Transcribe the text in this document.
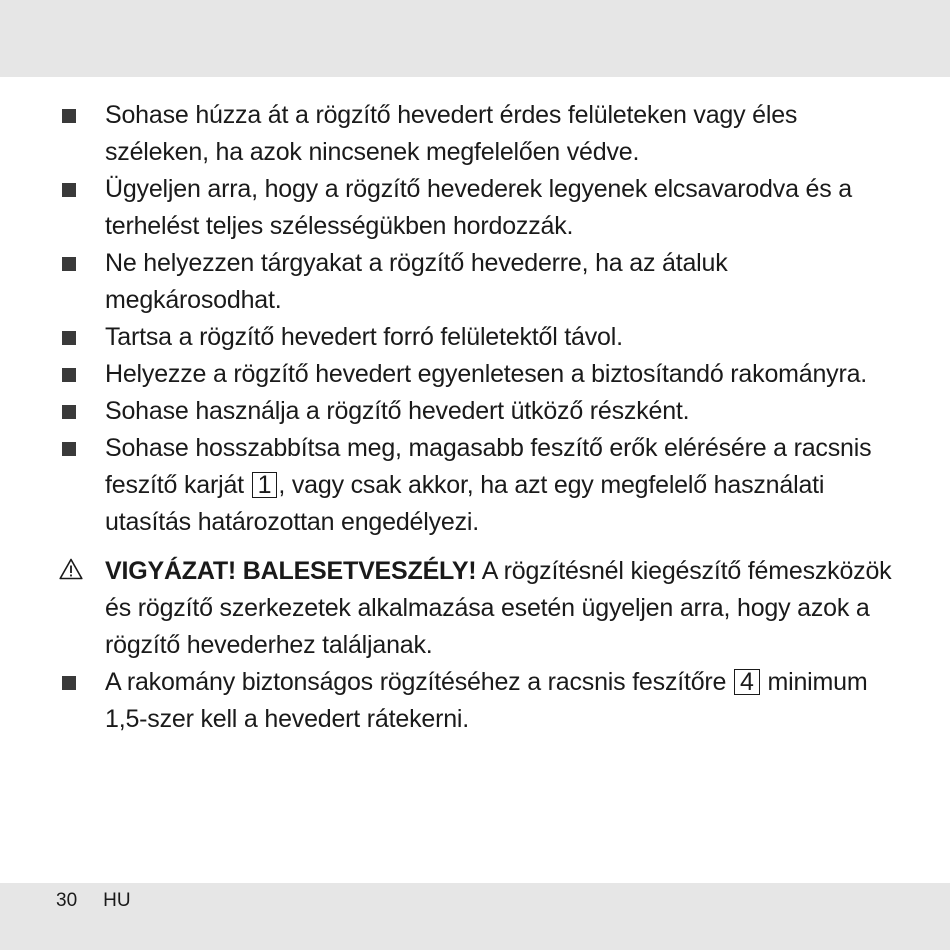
Sohase húzza át a rögzítő hevedert érdes felületeken vagy éles széleken, ha azok nincsenek megfelelően védve.
Ügyeljen arra, hogy a rögzítő hevederek legyenek elcsavarodva és a terhelést teljes szélességükben hordozzák.
Ne helyezzen tárgyakat a rögzítő hevederre, ha az átaluk megkárosodhat.
Tartsa a rögzítő hevedert forró felületektől távol.
Helyezze a rögzítő hevedert egyenletesen a biztosítandó rakományra.
Sohase használja a rögzítő hevedert ütköző részként.
Sohase hosszabbítsa meg, magasabb feszítő erők elérésére a racsnis feszítő karját 1 , vagy csak akkor, ha azt egy megfelelő használati utasítás határozottan engedélyezi.
VIGYÁZAT! BALESETVESZÉLY! A rögzítésnél kiegészítő fémeszközök és rögzítő szerkezetek alkalmazása esetén ügyeljen arra, hogy azok a rögzítő hevederhez találjanak.
A rakomány biztonságos rögzítéséhez a racsnis feszítőre 4 minimum 1,5-szer kell a hevedert rátekerni.
30 HU
